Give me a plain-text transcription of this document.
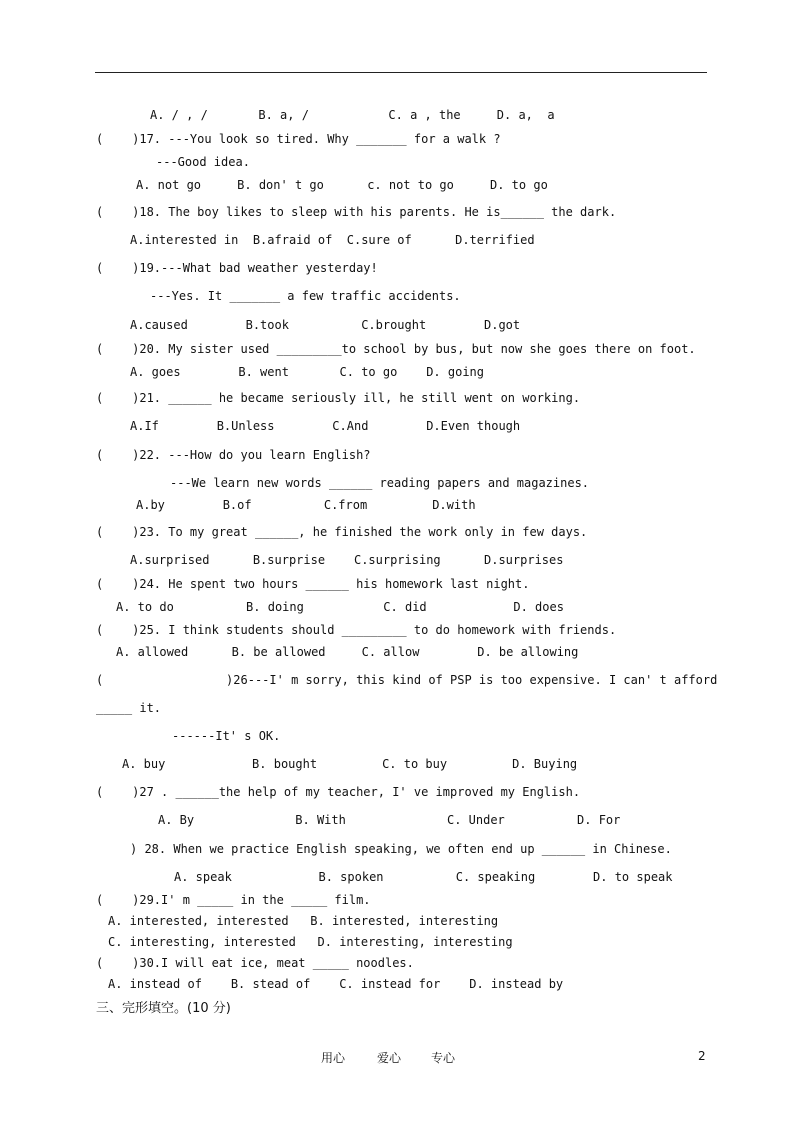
A. / , /       B. a, /           C. a , the     D. a,  a
(    )17. ---You look so tired. Why _______ for a walk ?
---Good idea.
A. not go     B. don' t go      c. not to go     D. to go
(    )18. The boy likes to sleep with his parents. He is______ the dark.
A.interested in  B.afraid of  C.sure of      D.terrified
(    )19.---What bad weather yesterday!
---Yes. It _______ a few traffic accidents.
A.caused        B.took          C.brought        D.got
(    )20. My sister used _________to school by bus, but now she goes there on foot.
A. goes        B. went       C. to go    D. going
(    )21. ______ he became seriously ill, he still went on working.
A.If        B.Unless        C.And        D.Even though
(    )22. ---How do you learn English?
---We learn new words ______ reading papers and magazines.
A.by        B.of          C.from         D.with
(    )23. To my great ______, he finished the work only in few days.
A.surprised      B.surprise    C.surprising      D.surprises
(    )24. He spent two hours ______ his homework last night.
A. to do          B. doing           C. did            D. does
(    )25. I think students should _________ to do homework with friends.
A. allowed      B. be allowed     C. allow        D. be allowing
(                 )26---I' m sorry, this kind of PSP is too expensive. I can' t afford
_____ it.
------It' s OK.
A. buy            B. bought         C. to buy         D. Buying
(    )27 . ______the help of my teacher, I' ve improved my English.
A. By              B. With              C. Under          D. For
) 28. When we practice English speaking, we often end up ______ in Chinese.
A. speak            B. spoken          C. speaking        D. to speak
(    )29.I' m _____ in the _____ film.
A. interested, interested   B. interested, interesting
C. interesting, interested   D. interesting, interesting
(    )30.I will eat ice, meat _____ noodles.
A. instead of    B. stead of    C. instead for    D. instead by
三、完形填空。(10 分)
用心	爱心 专心	2
